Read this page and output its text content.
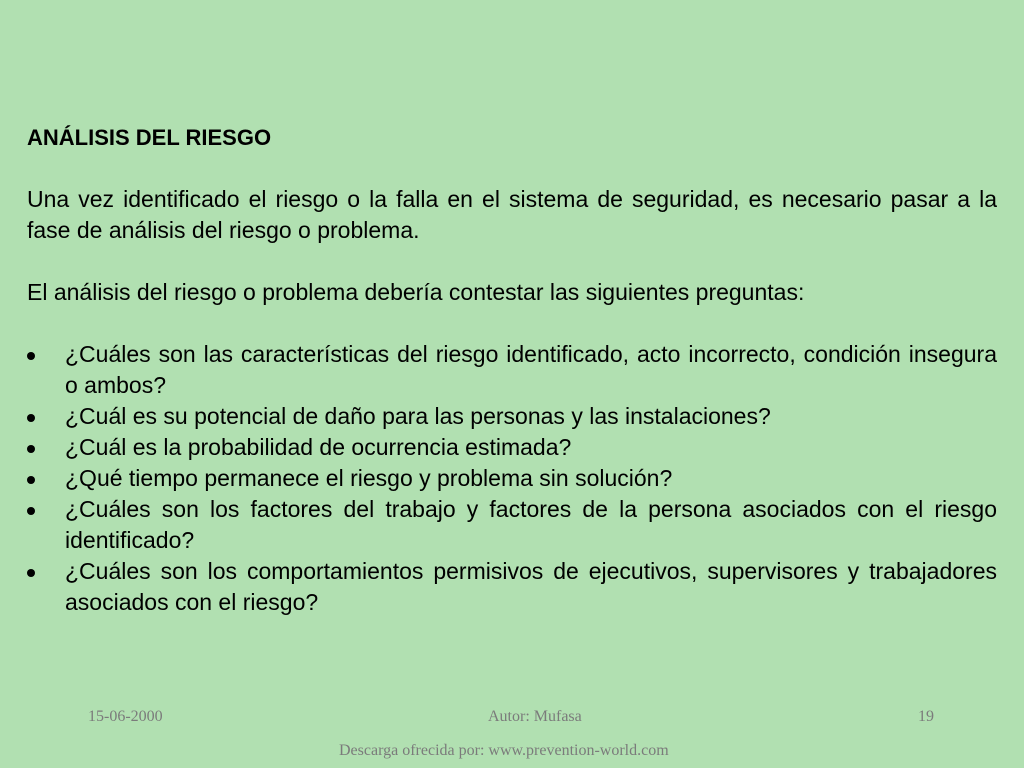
ANÁLISIS DEL RIESGO

Una vez identificado el riesgo o la falla en el sistema de seguridad, es necesario pasar a la fase de análisis del riesgo o problema.

El análisis del riesgo o problema debería contestar las siguientes preguntas:

¿Cuáles son las características del riesgo identificado, acto incorrecto, condición insegura o ambos?
¿Cuál es su potencial de daño para las personas y las instalaciones?
¿Cuál es la probabilidad de ocurrencia estimada?
¿Qué tiempo permanece el riesgo y problema sin solución?
¿Cuáles son los factores del trabajo y factores de la persona asociados con el riesgo identificado?
¿Cuáles son los comportamientos permisivos de ejecutivos, supervisores y trabajadores asociados con el riesgo?
15-06-2000	Autor: Mufasa	19
Descarga ofrecida por: www.prevention-world.com
